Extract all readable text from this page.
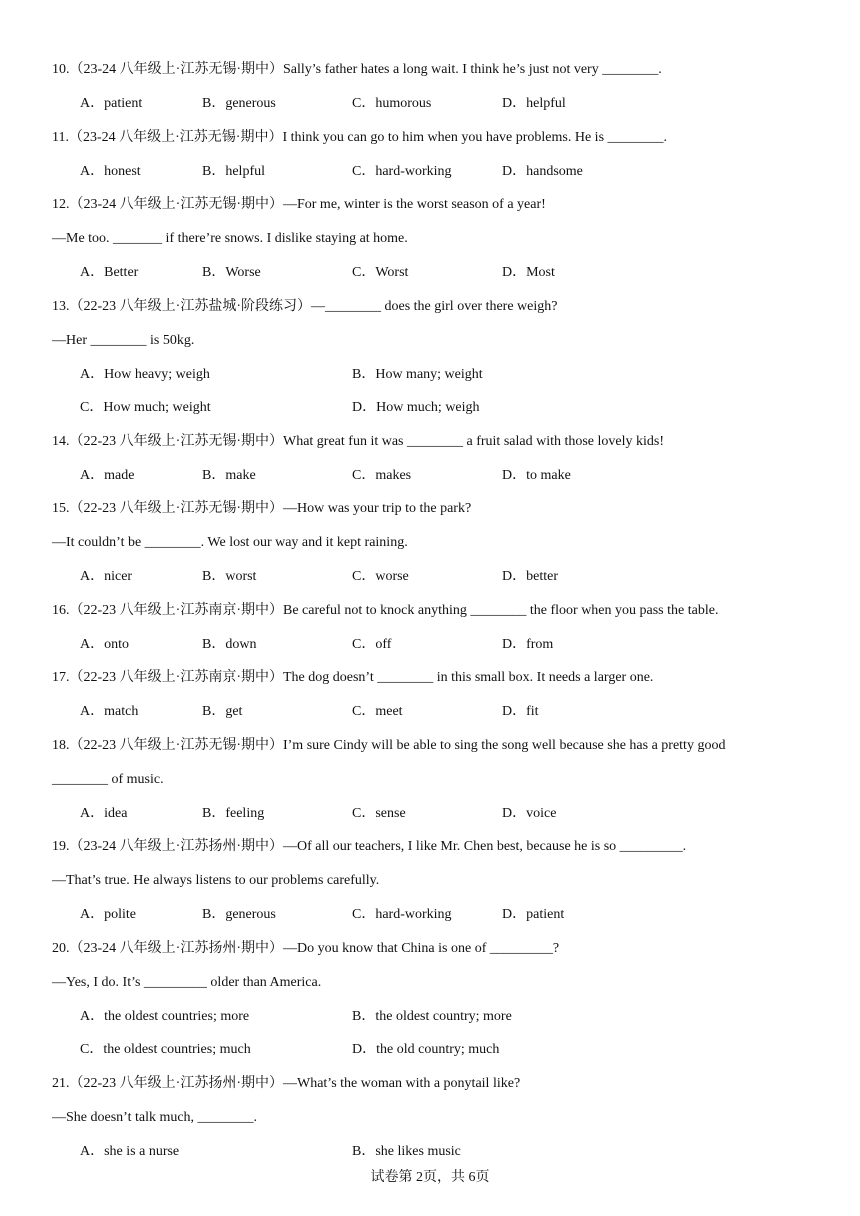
10.（23-24 八年级上·江苏无锡·期中）Sally’s father hates a long wait. I think he’s just not very ________.
A．patient	B．generous	C．humorous	D．helpful
11.（23-24 八年级上·江苏无锡·期中）I think you can go to him when you have problems. He is ________.
A．honest	B．helpful	C．hard-working	D．handsome
12.（23-24 八年级上·江苏无锡·期中）—For me, winter is the worst season of a year!
—Me too. _______ if there’re snows. I dislike staying at home.
A．Better	B．Worse	C．Worst	D．Most
13.（22-23 八年级上·江苏盐城·阶段练习）—________ does the girl over there weigh?
—Her ________ is 50kg.
A．How heavy; weigh	B．How many; weight
C．How much; weight	D．How much; weigh
14.（22-23 八年级上·江苏无锡·期中）What great fun it was ________ a fruit salad with those lovely kids!
A．made	B．make	C．makes	D．to make
15.（22-23 八年级上·江苏无锡·期中）—How was your trip to the park?
—It couldn’t be ________. We lost our way and it kept raining.
A．nicer	B．worst	C．worse	D．better
16.（22-23 八年级上·江苏南京·期中）Be careful not to knock anything ________ the floor when you pass the table.
A．onto	B．down	C．off	D．from
17.（22-23 八年级上·江苏南京·期中）The dog doesn’t ________ in this small box. It needs a larger one.
A．match	B．get	C．meet	D．fit
18.（22-23 八年级上·江苏无锡·期中）I’m sure Cindy will be able to sing the song well because she has a pretty good
________ of music.
A．idea	B．feeling	C．sense	D．voice
19.（23-24 八年级上·江苏扬州·期中）—Of all our teachers, I like Mr. Chen best, because he is so _________.
—That’s true. He always listens to our problems carefully.
A．polite	B．generous	C．hard-working	D．patient
20.（23-24 八年级上·江苏扬州·期中）—Do you know that China is one of _________?
—Yes, I do. It’s _________ older than America.
A．the oldest countries; more	B．the oldest country; more
C．the oldest countries; much	D．the old country; much
21.（22-23 八年级上·江苏扬州·期中）—What’s the woman with a ponytail like?
—She doesn’t talk much, ________.
A．she is a nurse	B．she likes music
试卷第 2页，共 6页
